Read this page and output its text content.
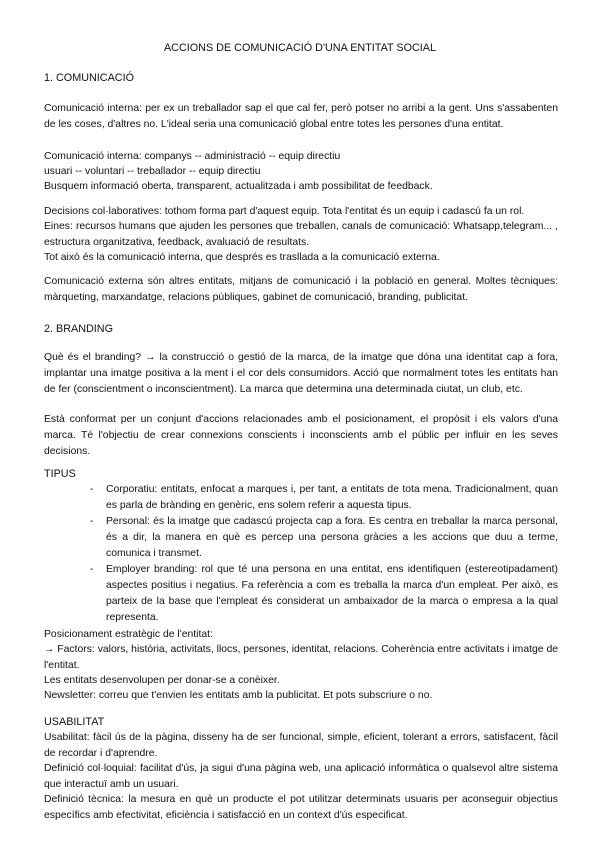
ACCIONS DE COMUNICACIÓ D'UNA ENTITAT SOCIAL
1. COMUNICACIÓ
Comunicació interna: per ex un treballador sap el que cal fer, però potser no arribi a la gent. Uns s'assabenten de les coses, d'altres no. L'ideal seria una comunicació global entre totes les persones d'una entitat.
Comunicació interna: companys -- administració -- equip directiu
usuari -- voluntari -- treballador -- equip directiu
Busquem informació oberta, transparent, actualitzada i amb possibilitat de feedback.
Decisions col·laboratives: tothom forma part d'aquest equip. Tota l'entitat és un equip i cadascú fa un rol.
Eines: recursos humans que ajuden les persones que treballen, canals de comunicació: Whatsapp,telegram... , estructura organitzativa, feedback, avaluació de resultats.
Tot això és la comunicació interna, que després es trasllada a la comunicació externa.
Comunicació externa són altres entitats, mitjans de comunicació i la població en general. Moltes tècniques: màrqueting, marxandatge, relacions públiques, gabinet de comunicació, branding, publicitat.
2. BRANDING
Què és el branding? → la construcció o gestió de la marca, de la imatge que dóna una identitat cap a fora, implantar una imatge positiva a la ment i el cor dels consumidors. Acció que normalment totes les entitats han de fer (conscientment o inconscientment). La marca que determina una determinada ciutat, un club, etc.
Està conformat per un conjunt d'accions relacionades amb el posicionament, el propòsit i els valors d'una marca. Té l'objectiu de crear connexions conscients i inconscients amb el públic per influir en les seves decisions.
TIPUS
- Corporatiu: entitats, enfocat a marques i, per tant, a entitats de tota mena. Tradicionalment, quan es parla de brànding en genèric, ens solem referir a aquesta tipus.
- Personal: és la imatge que cadascú projecta cap a fora. Es centra en treballar la marca personal, és a dir, la manera en què es percep una persona gràcies a les accions que duu a terme, comunica i transmet.
- Employer branding: rol que té una persona en una entitat, ens identifiquen (estereotipadament) aspectes positius i negatius. Fa referència a com es treballa la marca d'un empleat. Per això, es parteix de la base que l'empleat és considerat un ambaixador de la marca o empresa a la qual representa.
Posicionament estratègic de l'entitat:
→ Factors: valors, història, activitats, llocs, persones, identitat, relacions. Coherència entre activitats i imatge de l'entitat.
Les entitats desenvolupen per donar-se a conèixer.
Newsletter: correu que t'envien les entitats amb la publicitat. Et pots subscriure o no.
USABILITAT
Usabilitat: fàcil ús de la pàgina, disseny ha de ser funcional, simple, eficient, tolerant a errors, satisfacent, fàcil de recordar i d'aprendre.
Definició col·loquial: facilitat d'ús, ja sigui d'una pàgina web, una aplicació informàtica o qualsevol altre sistema que interactuï amb un usuari.
Definició tècnica: la mesura en què un producte el pot utilitzar determinats usuaris per aconseguir objectius específics amb efectivitat, eficiència i satisfacció en un context d'ús especificat.
